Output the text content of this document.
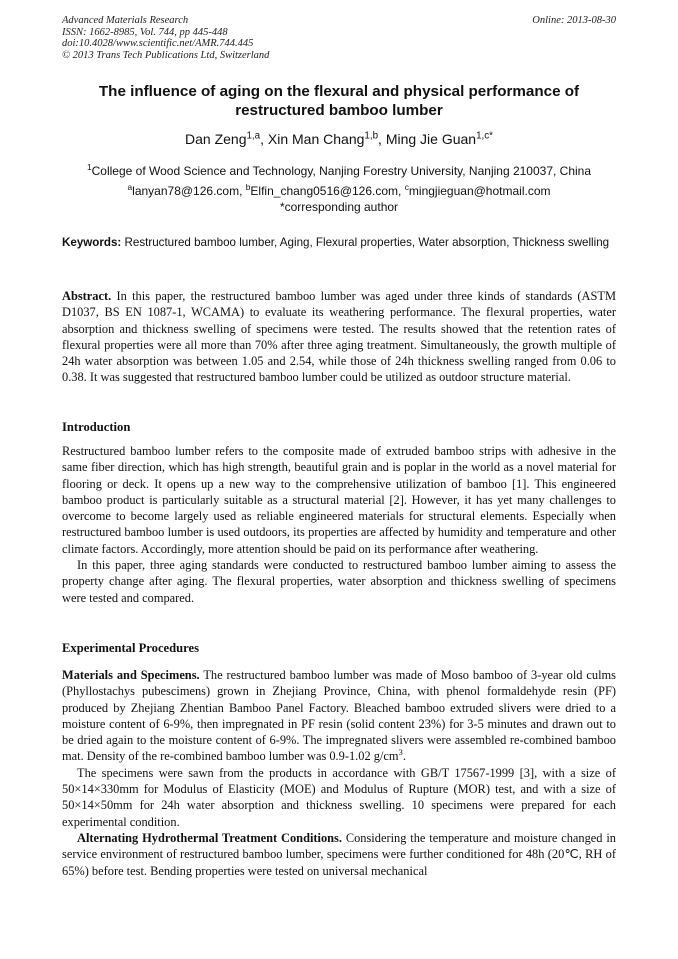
Advanced Materials Research
ISSN: 1662-8985, Vol. 744, pp 445-448
doi:10.4028/www.scientific.net/AMR.744.445
© 2013 Trans Tech Publications Ltd, Switzerland
Online: 2013-08-30
The influence of aging on the flexural and physical performance of restructured bamboo lumber
Dan Zeng$^{1,a}$, Xin Man Chang$^{1,b}$, Ming Jie Guan$^{1,c*}$
$^1$College of Wood Science and Technology, Nanjing Forestry University, Nanjing 210037, China
$^a$lanyan78@126.com, $^b$Elfin_chang0516@126.com, $^c$mingjieguan@hotmail.com
*corresponding author
Keywords: Restructured bamboo lumber, Aging, Flexural properties, Water absorption, Thickness swelling
Abstract. In this paper, the restructured bamboo lumber was aged under three kinds of standards (ASTM D1037, BS EN 1087-1, WCAMA) to evaluate its weathering performance. The flexural properties, water absorption and thickness swelling of specimens were tested. The results showed that the retention rates of flexural properties were all more than 70% after three aging treatment. Simultaneously, the growth multiple of 24h water absorption was between 1.05 and 2.54, while those of 24h thickness swelling ranged from 0.06 to 0.38. It was suggested that restructured bamboo lumber could be utilized as outdoor structure material.
Introduction

Restructured bamboo lumber refers to the composite made of extruded bamboo strips with adhesive in the same fiber direction, which has high strength, beautiful grain and is poplar in the world as a novel material for flooring or deck. It opens up a new way to the comprehensive utilization of bamboo [1]. This engineered bamboo product is particularly suitable as a structural material [2]. However, it has yet many challenges to overcome to become largely used as reliable engineered materials for structural elements. Especially when restructured bamboo lumber is used outdoors, its properties are affected by humidity and temperature and other climate factors. Accordingly, more attention should be paid on its performance after weathering.

In this paper, three aging standards were conducted to restructured bamboo lumber aiming to assess the property change after aging. The flexural properties, water absorption and thickness swelling of specimens were tested and compared.

Experimental Procedures

Materials and Specimens. The restructured bamboo lumber was made of Moso bamboo of 3-year old culms (Phyllostachys pubescimens) grown in Zhejiang Province, China, with phenol formaldehyde resin (PF) produced by Zhejiang Zhentian Bamboo Panel Factory. Bleached bamboo extruded slivers were dried to a moisture content of 6-9%, then impregnated in PF resin (solid content 23%) for 3-5 minutes and drawn out to be dried again to the moisture content of 6-9%. The impregnated slivers were assembled re-combined bamboo mat. Density of the re-combined bamboo lumber was 0.9-1.02 $g/cm^3$.

The specimens were sawn from the products in accordance with GB/T 17567-1999 [3], with a size of 50×14×330mm for Modulus of Elasticity (MOE) and Modulus of Rupture (MOR) test, and with a size of 50×14×50mm for 24h water absorption and thickness swelling. 10 specimens were prepared for each experimental condition.

Alternating Hydrothermal Treatment Conditions. Considering the temperature and moisture changed in service environment of restructured bamboo lumber, specimens were further conditioned for 48h (20℃, RH of 65%) before test. Bending properties were tested on universal mechanical
